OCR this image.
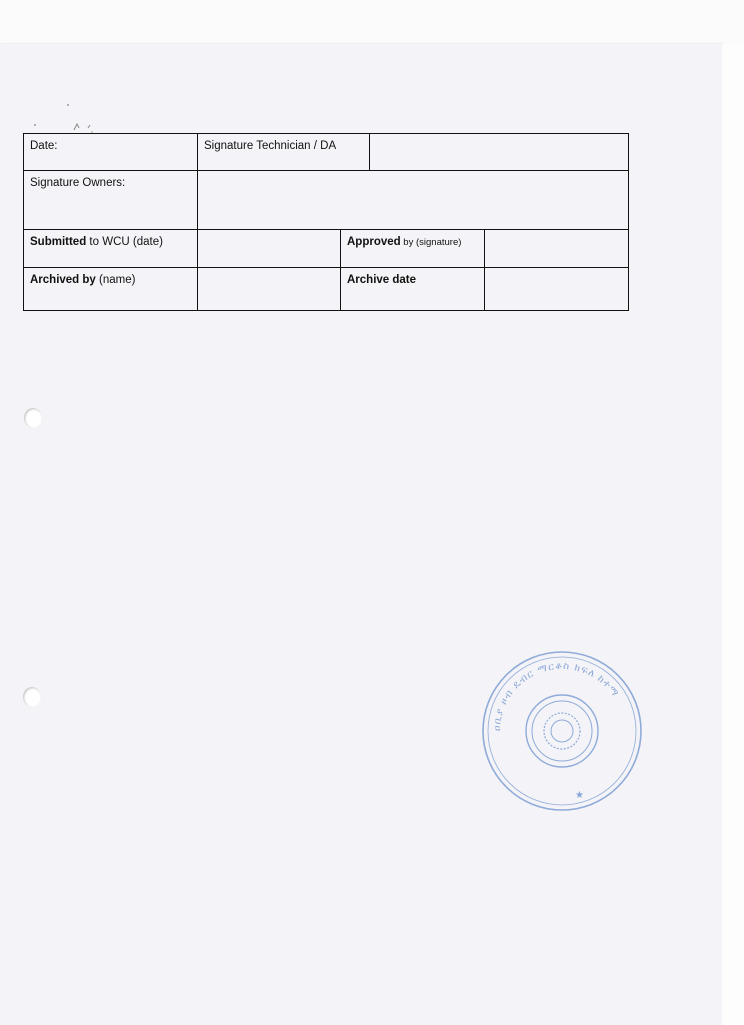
Date:	Signature Technician / DA			
Signature Owners:				
Submitted to WCU (date)		Approved by (signature)		
Archived by (name)		Archive date		
ዐቢያ ዞብ ዴብር ማርቆስ ክፍለ ከተማ
★
